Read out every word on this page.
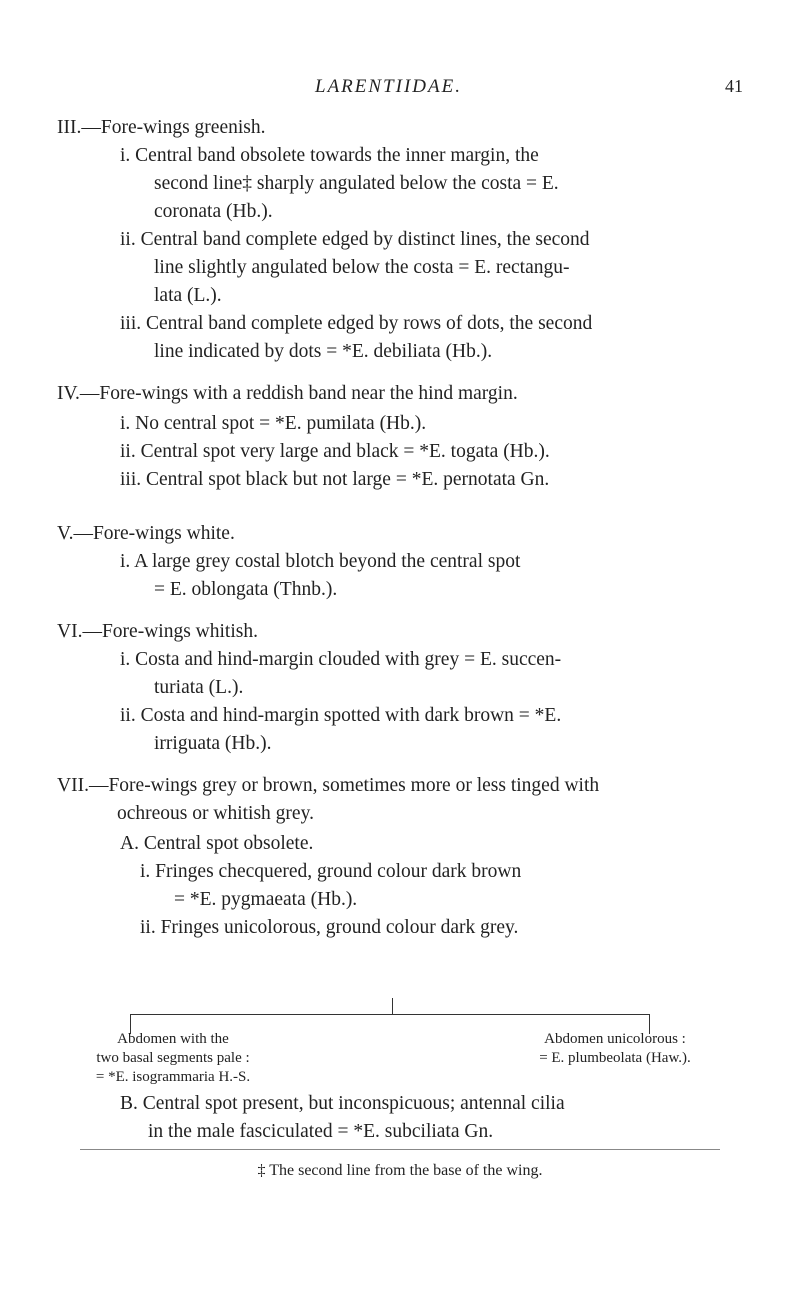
LARENTIIDAE.	41
III.—Fore-wings greenish.
i. Central band obsolete towards the inner margin, the
second line‡ sharply angulated below the costa = E.
coronata (Hb.).
ii. Central band complete edged by distinct lines, the second
line slightly angulated below the costa = E. rectangu-
lata (L.).
iii. Central band complete edged by rows of dots, the second
line indicated by dots = *E. debiliata (Hb.).
IV.—Fore-wings with a reddish band near the hind margin.
i. No central spot = *E. pumilata (Hb.).
ii. Central spot very large and black = *E. togata (Hb.).
iii. Central spot black but not large = *E. pernotata Gn.
V.—Fore-wings white.
i. A large grey costal blotch beyond the central spot
= E. oblongata (Thnb.).
VI.—Fore-wings whitish.
i. Costa and hind-margin clouded with grey = E. succen-
turiata (L.).
ii. Costa and hind-margin spotted with dark brown = *E.
irriguata (Hb.).
VII.—Fore-wings grey or brown, sometimes more or less tinged with
ochreous or whitish grey.
A. Central spot obsolete.
i. Fringes checquered, ground colour dark brown
= *E. pygmaeata (Hb.).
ii. Fringes unicolorous, ground colour dark grey.
Abdomen with the
two basal segments pale :
= *E. isogrammaria H.-S.
Abdomen unicolorous :
= E. plumbeolata (Haw.).
B. Central spot present, but inconspicuous; antennal cilia
in the male fasciculated = *E. subciliata Gn.
‡ The second line from the base of the wing.
